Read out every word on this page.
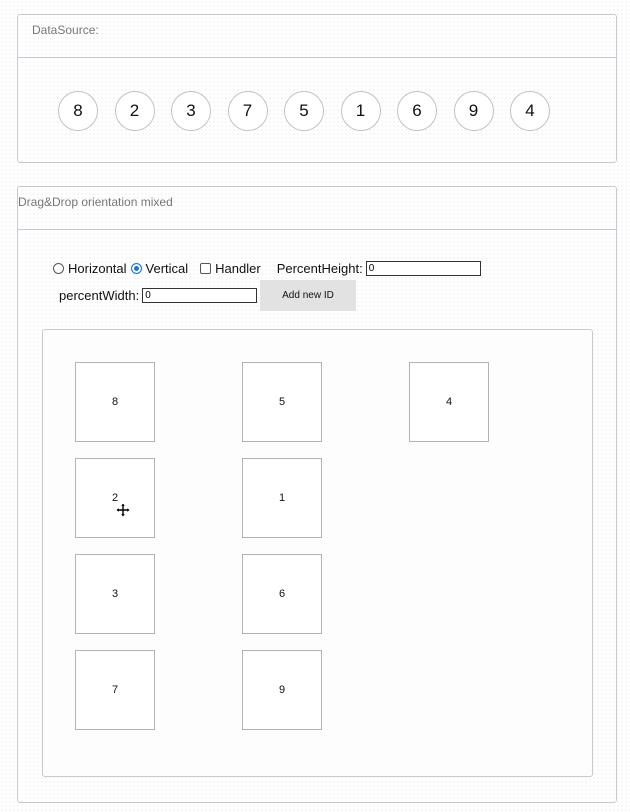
DataSource:
8	2	3	7	5	1	6	9	4
Drag&Drop orientation mixed
Horizontal Vertical Handler PercentHeight: 0
percentWidth: 0	Add new ID
4
9
6
1
5
7
3
2
8
